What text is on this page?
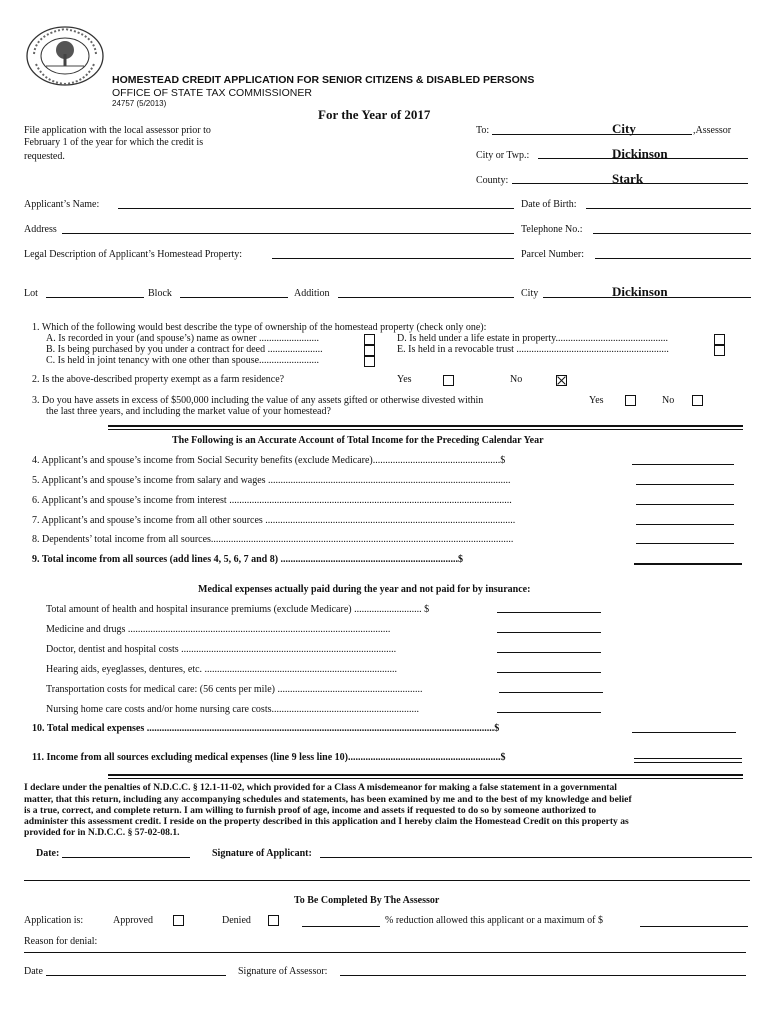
HOMESTEAD CREDIT APPLICATION FOR SENIOR CITIZENS & DISABLED PERSONS
OFFICE OF STATE TAX COMMISSIONER
24757 (5/2013)
For the Year of 2017
File application with the local assessor prior to
February 1 of the year for which the credit is
requested.
To:	City	,Assessor
City or Twp.:	Dickinson
County:	Stark
Applicant’s Name:	Date of Birth:
Address	Telephone No.:
Legal Description of Applicant’s Homestead Property:	Parcel Number:
Lot	Block	Addition	City	Dickinson
1. Which of the following would best describe the type of ownership of the homestead property (check only one):
A. Is recorded in your (and spouse’s) name as owner ........................
B. Is being purchased by you under a contract for deed ......................
C. Is held in joint tenancy with one other than spouse........................
D. Is held under a life estate in property.............................................
E. Is held in a revocable trust .............................................................
2. Is the above-described property exempt as a farm residence?	Yes	No
3. Do you have assets in excess of $500,000 including the value of any assets gifted or otherwise divested within
the last three years, and including the market value of your homestead?
Yes	No
The Following is an Accurate Account of Total Income for the Preceding Calendar Year
4. Applicant’s and spouse’s income from Social Security benefits (exclude Medicare)...................................................$
5. Applicant’s and spouse’s income from salary and wages .................................................................................................
6. Applicant’s and spouse’s income from interest .................................................................................................................
7. Applicant’s and spouse’s income from all other sources ....................................................................................................
8. Dependents’ total income from all sources.........................................................................................................................
9. Total income from all sources (add lines 4, 5, 6, 7 and 8) .......................................................................$
Medical expenses actually paid during the year and not paid for by insurance:
Total amount of health and hospital insurance premiums (exclude Medicare) ........................... $
Medicine and drugs .........................................................................................................
Doctor, dentist and hospital costs ......................................................................................
Hearing aids, eyeglasses, dentures, etc. .............................................................................
Transportation costs for medical care: (56 cents per mile) ..........................................................
Nursing home care costs and/or home nursing care costs...........................................................
10. Total medical expenses ...........................................................................................................................................$
11. Income from all sources excluding medical expenses (line 9 less line 10).............................................................$
I declare under the penalties of N.D.C.C. § 12.1-11-02, which provided for a Class A misdemeanor for making a false statement in a governmental
matter, that this return, including any accompanying schedules and statements, has been examined by me and to the best of my knowledge and belief
is a true, correct, and complete return. I am willing to furnish proof of age, income and assets if requested to do so by someone authorized to
administer this assessment credit. I reside on the property described in this application and I hereby claim the Homestead Credit on this property as
provided for in N.D.C.C. § 57-02-08.1.
Date:	Signature of Applicant:
To Be Completed By The Assessor
Application is:	Approved	Denied	% reduction allowed this applicant or a maximum of $
Reason for denial:
Date	Signature of Assessor:
